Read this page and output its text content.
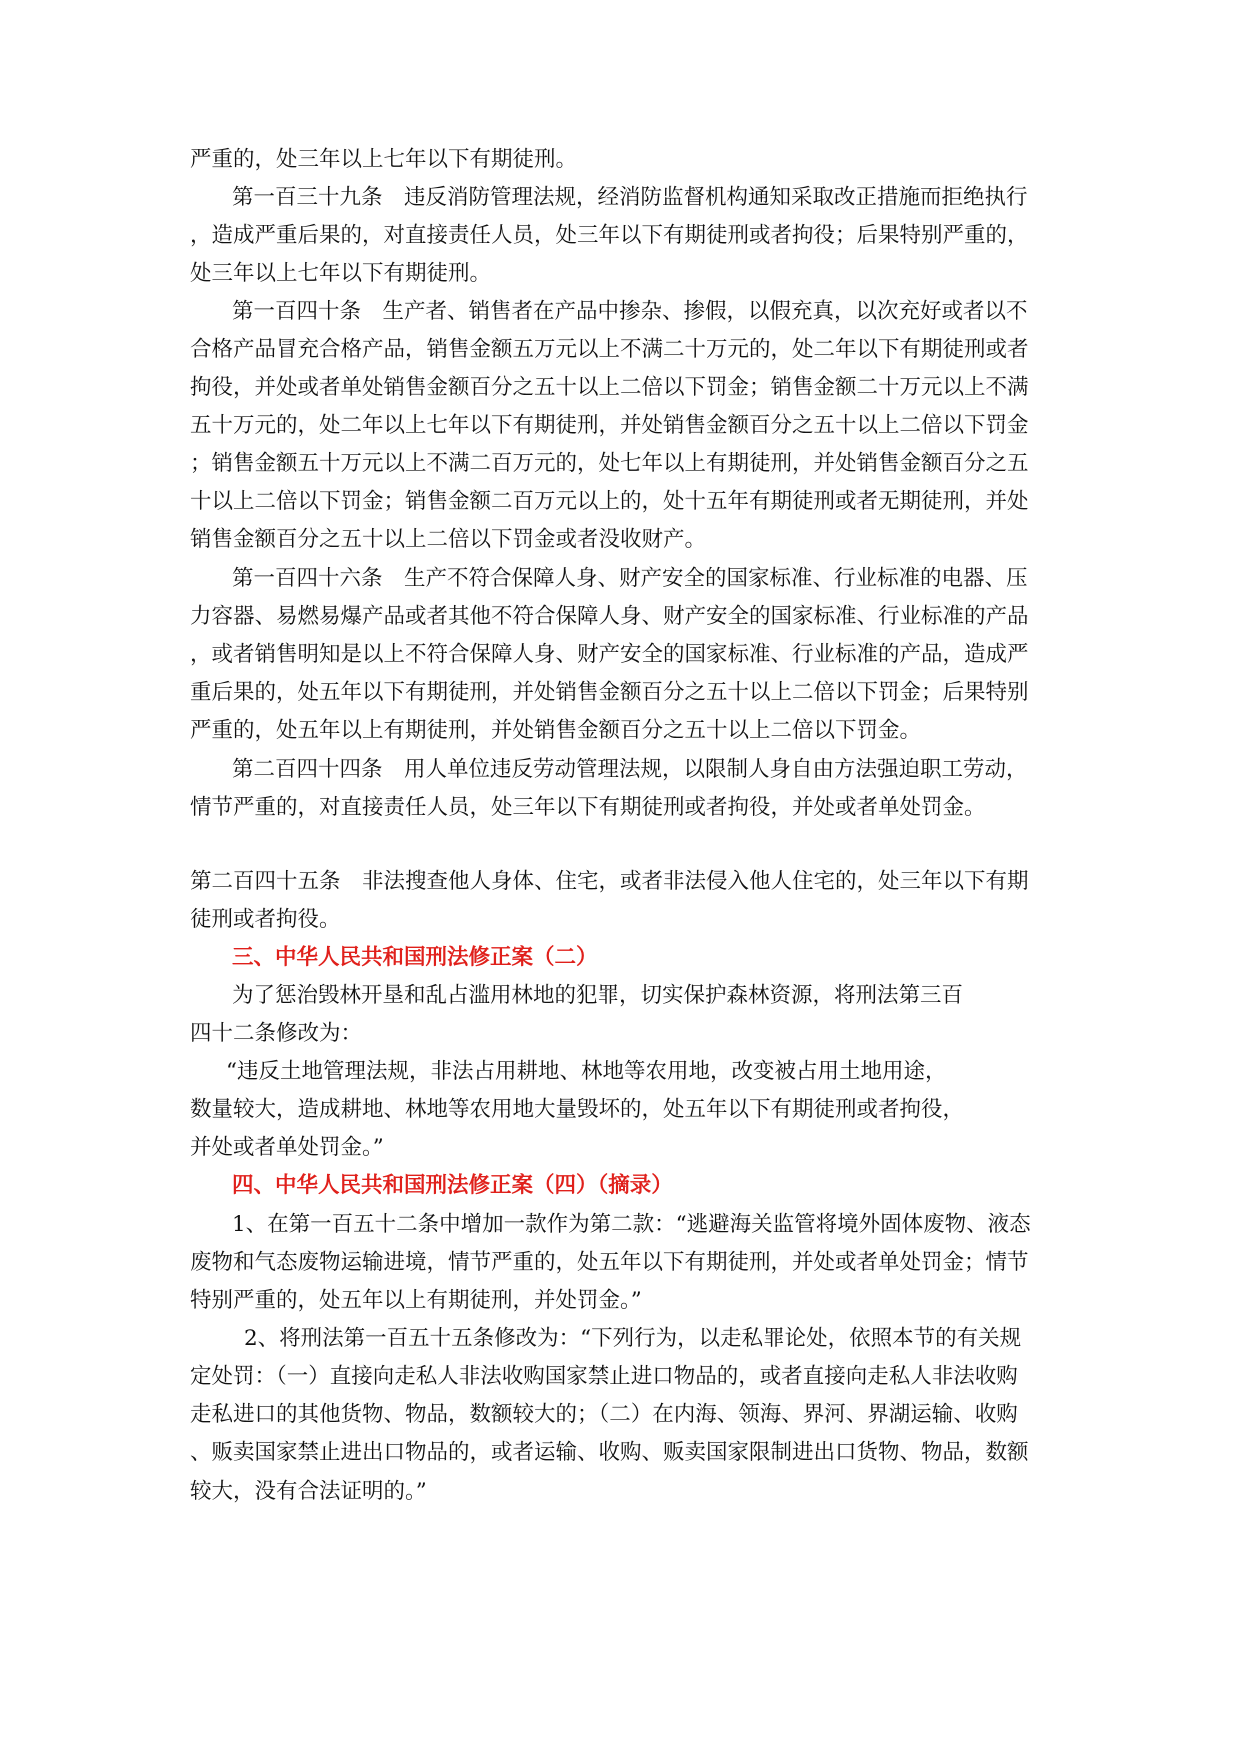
严重的，处三年以上七年以下有期徒刑。
第一百三十九条　违反消防管理法规，经消防监督机构通知采取改正措施而拒绝执行
，造成严重后果的，对直接责任人员，处三年以下有期徒刑或者拘役；后果特别严重的，
处三年以上七年以下有期徒刑。
第一百四十条　生产者、销售者在产品中掺杂、掺假，以假充真，以次充好或者以不
合格产品冒充合格产品，销售金额五万元以上不满二十万元的，处二年以下有期徒刑或者
拘役，并处或者单处销售金额百分之五十以上二倍以下罚金；销售金额二十万元以上不满
五十万元的，处二年以上七年以下有期徒刑，并处销售金额百分之五十以上二倍以下罚金
；销售金额五十万元以上不满二百万元的，处七年以上有期徒刑，并处销售金额百分之五
十以上二倍以下罚金；销售金额二百万元以上的，处十五年有期徒刑或者无期徒刑，并处
销售金额百分之五十以上二倍以下罚金或者没收财产。
第一百四十六条　生产不符合保障人身、财产安全的国家标准、行业标准的电器、压
力容器、易燃易爆产品或者其他不符合保障人身、财产安全的国家标准、行业标准的产品
，或者销售明知是以上不符合保障人身、财产安全的国家标准、行业标准的产品，造成严
重后果的，处五年以下有期徒刑，并处销售金额百分之五十以上二倍以下罚金；后果特别
严重的，处五年以上有期徒刑，并处销售金额百分之五十以上二倍以下罚金。
第二百四十四条　用人单位违反劳动管理法规，以限制人身自由方法强迫职工劳动，
情节严重的，对直接责任人员，处三年以下有期徒刑或者拘役，并处或者单处罚金。
第二百四十五条　非法搜查他人身体、住宅，或者非法侵入他人住宅的，处三年以下有期
徒刑或者拘役。
三、中华人民共和国刑法修正案（二）
为了惩治毁林开垦和乱占滥用林地的犯罪，切实保护森林资源，将刑法第三百
四十二条修改为：
“违反土地管理法规，非法占用耕地、林地等农用地，改变被占用土地用途，
数量较大，造成耕地、林地等农用地大量毁坏的，处五年以下有期徒刑或者拘役，
并处或者单处罚金。”
四、中华人民共和国刑法修正案（四）（摘录）
1、在第一百五十二条中增加一款作为第二款：“逃避海关监管将境外固体废物、液态
废物和气态废物运输进境，情节严重的，处五年以下有期徒刑，并处或者单处罚金；情节
特别严重的，处五年以上有期徒刑，并处罚金。”
2、将刑法第一百五十五条修改为：“下列行为，以走私罪论处，依照本节的有关规
定处罚：（一）直接向走私人非法收购国家禁止进口物品的，或者直接向走私人非法收购
走私进口的其他货物、物品，数额较大的；（二）在内海、领海、界河、界湖运输、收购
、贩卖国家禁止进出口物品的，或者运输、收购、贩卖国家限制进出口货物、物品，数额
较大，没有合法证明的。”
